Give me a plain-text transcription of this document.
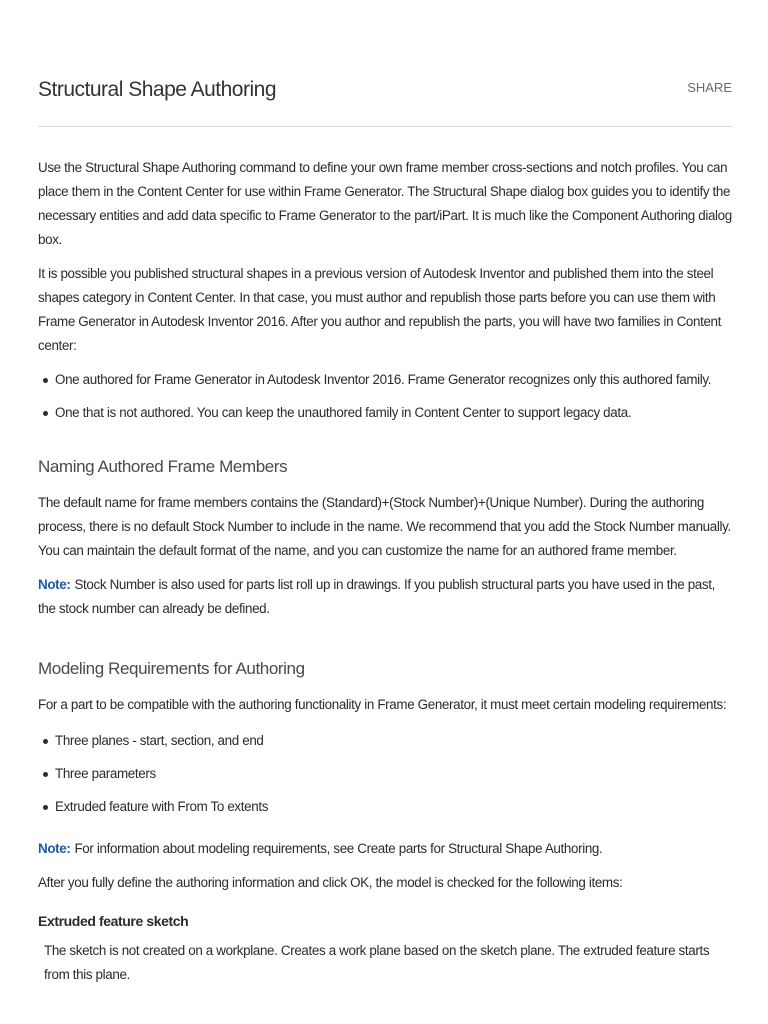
Structural Shape Authoring	SHARE

Use the Structural Shape Authoring command to define your own frame member cross-sections and notch profiles. You can place them in the Content Center for use within Frame Generator. The Structural Shape dialog box guides you to identify the necessary entities and add data specific to Frame Generator to the part/iPart. It is much like the Component Authoring dialog box.

It is possible you published structural shapes in a previous version of Autodesk Inventor and published them into the steel shapes category in Content Center. In that case, you must author and republish those parts before you can use them with Frame Generator in Autodesk Inventor 2016. After you author and republish the parts, you will have two families in Content center:

One authored for Frame Generator in Autodesk Inventor 2016. Frame Generator recognizes only this authored family.
One that is not authored. You can keep the unauthored family in Content Center to support legacy data.
Naming Authored Frame Members

The default name for frame members contains the (Standard)+(Stock Number)+(Unique Number). During the authoring process, there is no default Stock Number to include in the name. We recommend that you add the Stock Number manually. You can maintain the default format of the name, and you can customize the name for an authored frame member.

Note: Stock Number is also used for parts list roll up in drawings. If you publish structural parts you have used in the past, the stock number can already be defined.

Modeling Requirements for Authoring

For a part to be compatible with the authoring functionality in Frame Generator, it must meet certain modeling requirements:

Three planes - start, section, and end
Three parameters
Extruded feature with From To extents

Note: For information about modeling requirements, see Create parts for Structural Shape Authoring.

After you fully define the authoring information and click OK, the model is checked for the following items:

Extruded feature sketch

The sketch is not created on a workplane. Creates a work plane based on the sketch plane. The extruded feature starts from this plane.
